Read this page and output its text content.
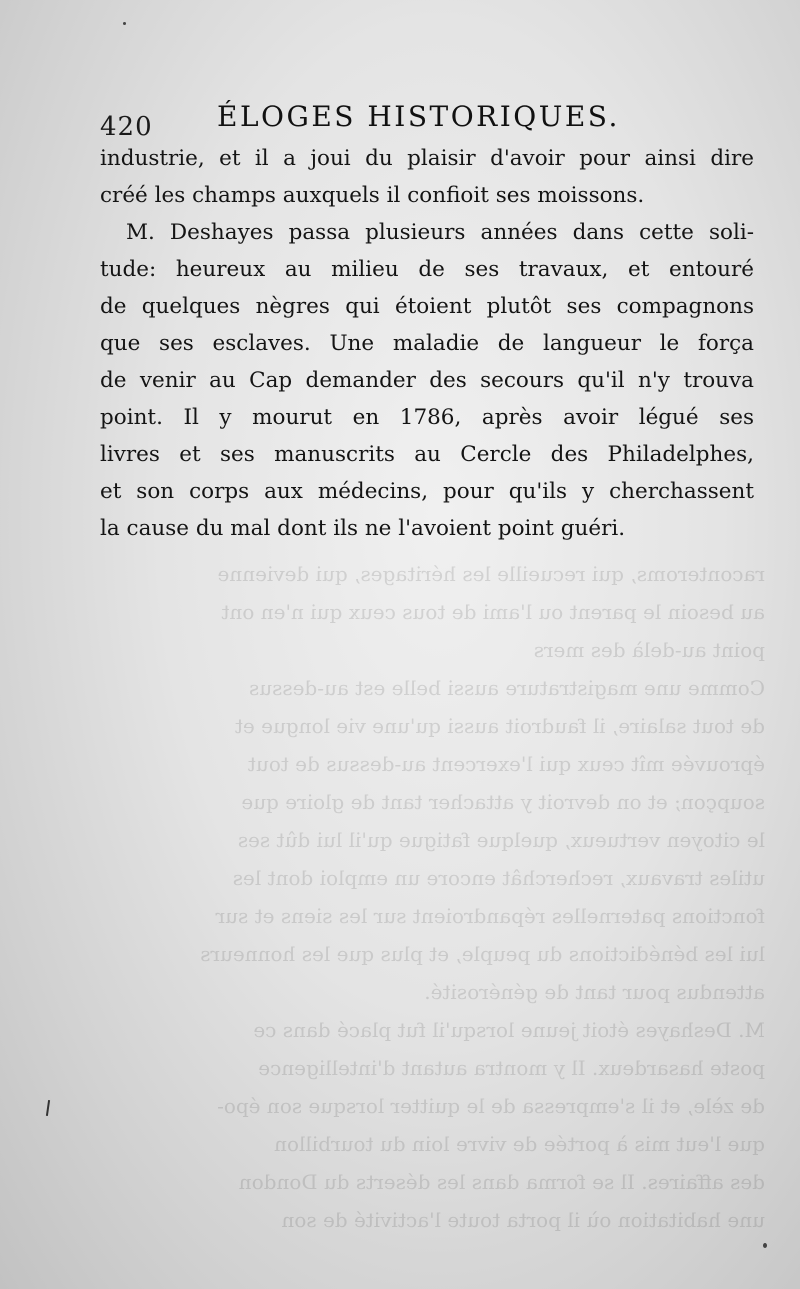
raconteroms, qui recueille les héritages, qui devienne
au besoin le parent ou l'ami de tous ceux qui n'en ont
point au-delà des mers
Comme une magistrature aussi belle est au-dessus
de tout salaire, il faudroit aussi qu'une vie longue et
éprouvée mît ceux qui l'exercent au-dessus de tout
soupçon; et on devroit y attacher tant de gloire que
le citoyen vertueux, quelque fatigue qu'il lui dût ses
utiles travaux, recherchât encore un emploi dont les
fonctions paternelles répandroient sur les siens et sur
lui les bénédictions du peuple, et plus que les honneurs
attendus pour tant de générosité.
M. Deshayes étoit jeune lorsqu'il fut placé dans ce
poste hasardeux. Il y montra autant d'intelligence
de zèle, et il s'empressa de le quitter lorsque son épo-
que l'eut mis à portée de vivre loin du tourbillon
des affaires. Il se forma dans les déserts du Dondon
une habitation où il porta toute l'activité de son
420 ÉLOGES HISTORIQUES.
industrie, et il a joui du plaisir d'avoir pour ainsi dire
créé les champs auxquels il confioit ses moissons.
M. Deshayes passa plusieurs années dans cette soli-
tude: heureux au milieu de ses travaux, et entouré
de quelques nègres qui étoient plutôt ses compagnons
que ses esclaves. Une maladie de langueur le força
de venir au Cap demander des secours qu'il n'y trouva
point. Il y mourut en 1786, après avoir légué ses
livres et ses manuscrits au Cercle des Philadelphes,
et son corps aux médecins, pour qu'ils y cherchassent
la cause du mal dont ils ne l'avoient point guéri.
